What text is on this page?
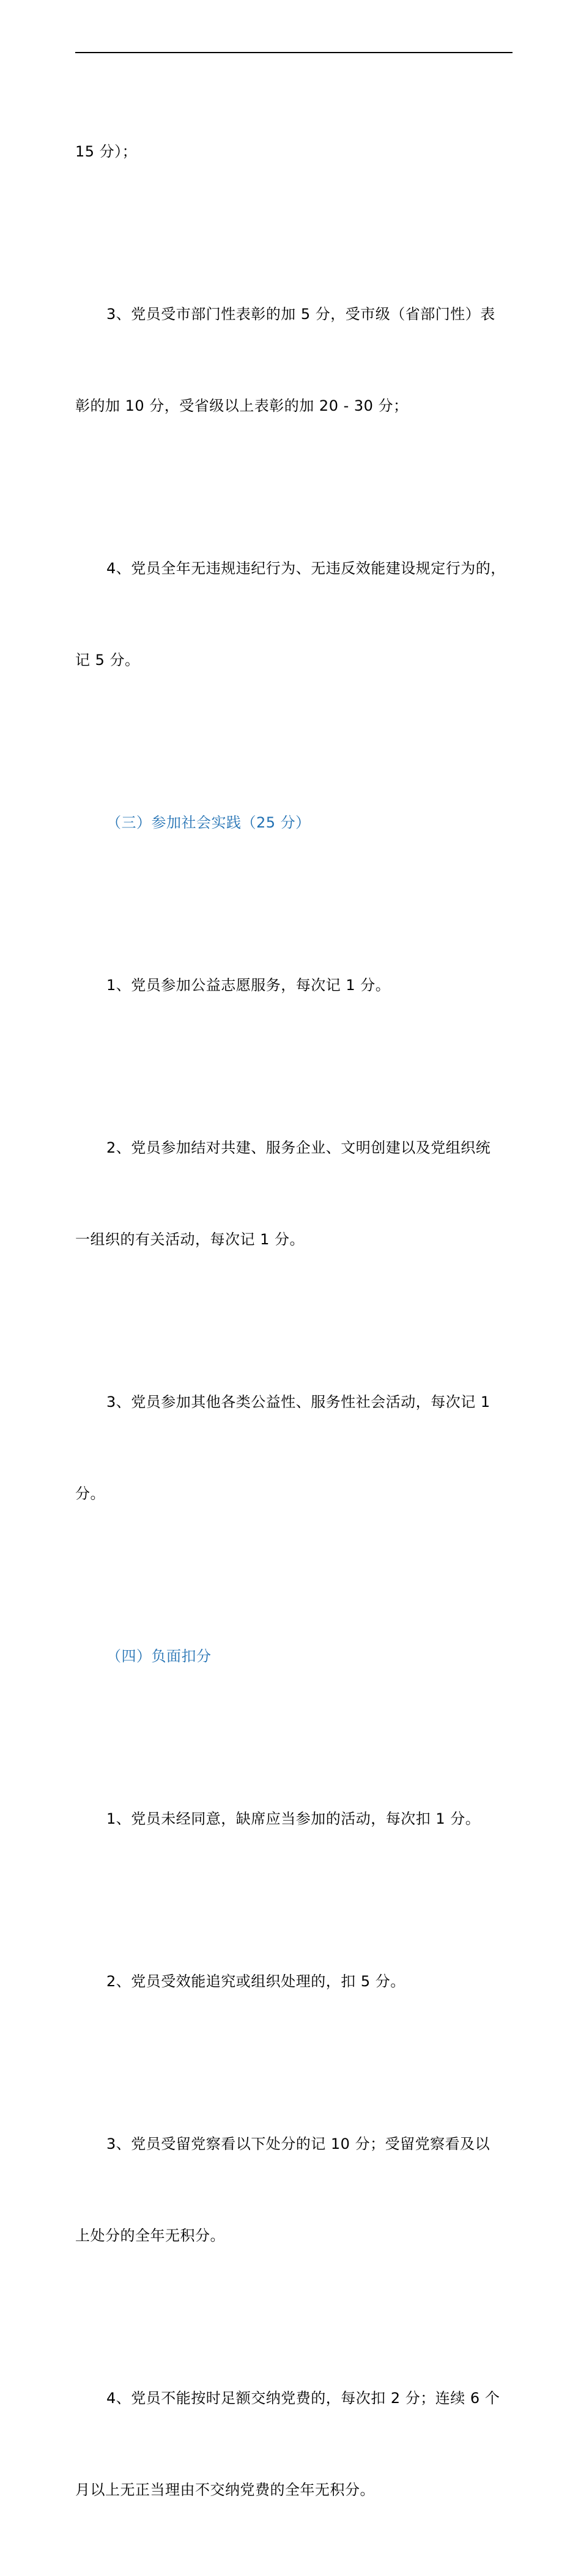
15 分）；

3、党员受市部门性表彰的加 5 分，受市级（省部门性）表

彰的加 10 分，受省级以上表彰的加 20 - 30 分；

4、党员全年无违规违纪行为、无违反效能建设规定行为的，

记 5 分。

（三）参加社会实践（25 分）

1、党员参加公益志愿服务，每次记 1 分。

2、党员参加结对共建、服务企业、文明创建以及党组织统

一组织的有关活动，每次记 1 分。

3、党员参加其他各类公益性、服务性社会活动，每次记 1

分。

（四）负面扣分

1、党员未经同意，缺席应当参加的活动，每次扣 1 分。

2、党员受效能追究或组织处理的，扣 5 分。

3、党员受留党察看以下处分的记 10 分；受留党察看及以

上处分的全年无积分。

4、党员不能按时足额交纳党费的，每次扣 2 分；连续 6 个

月以上无正当理由不交纳党费的全年无积分。
